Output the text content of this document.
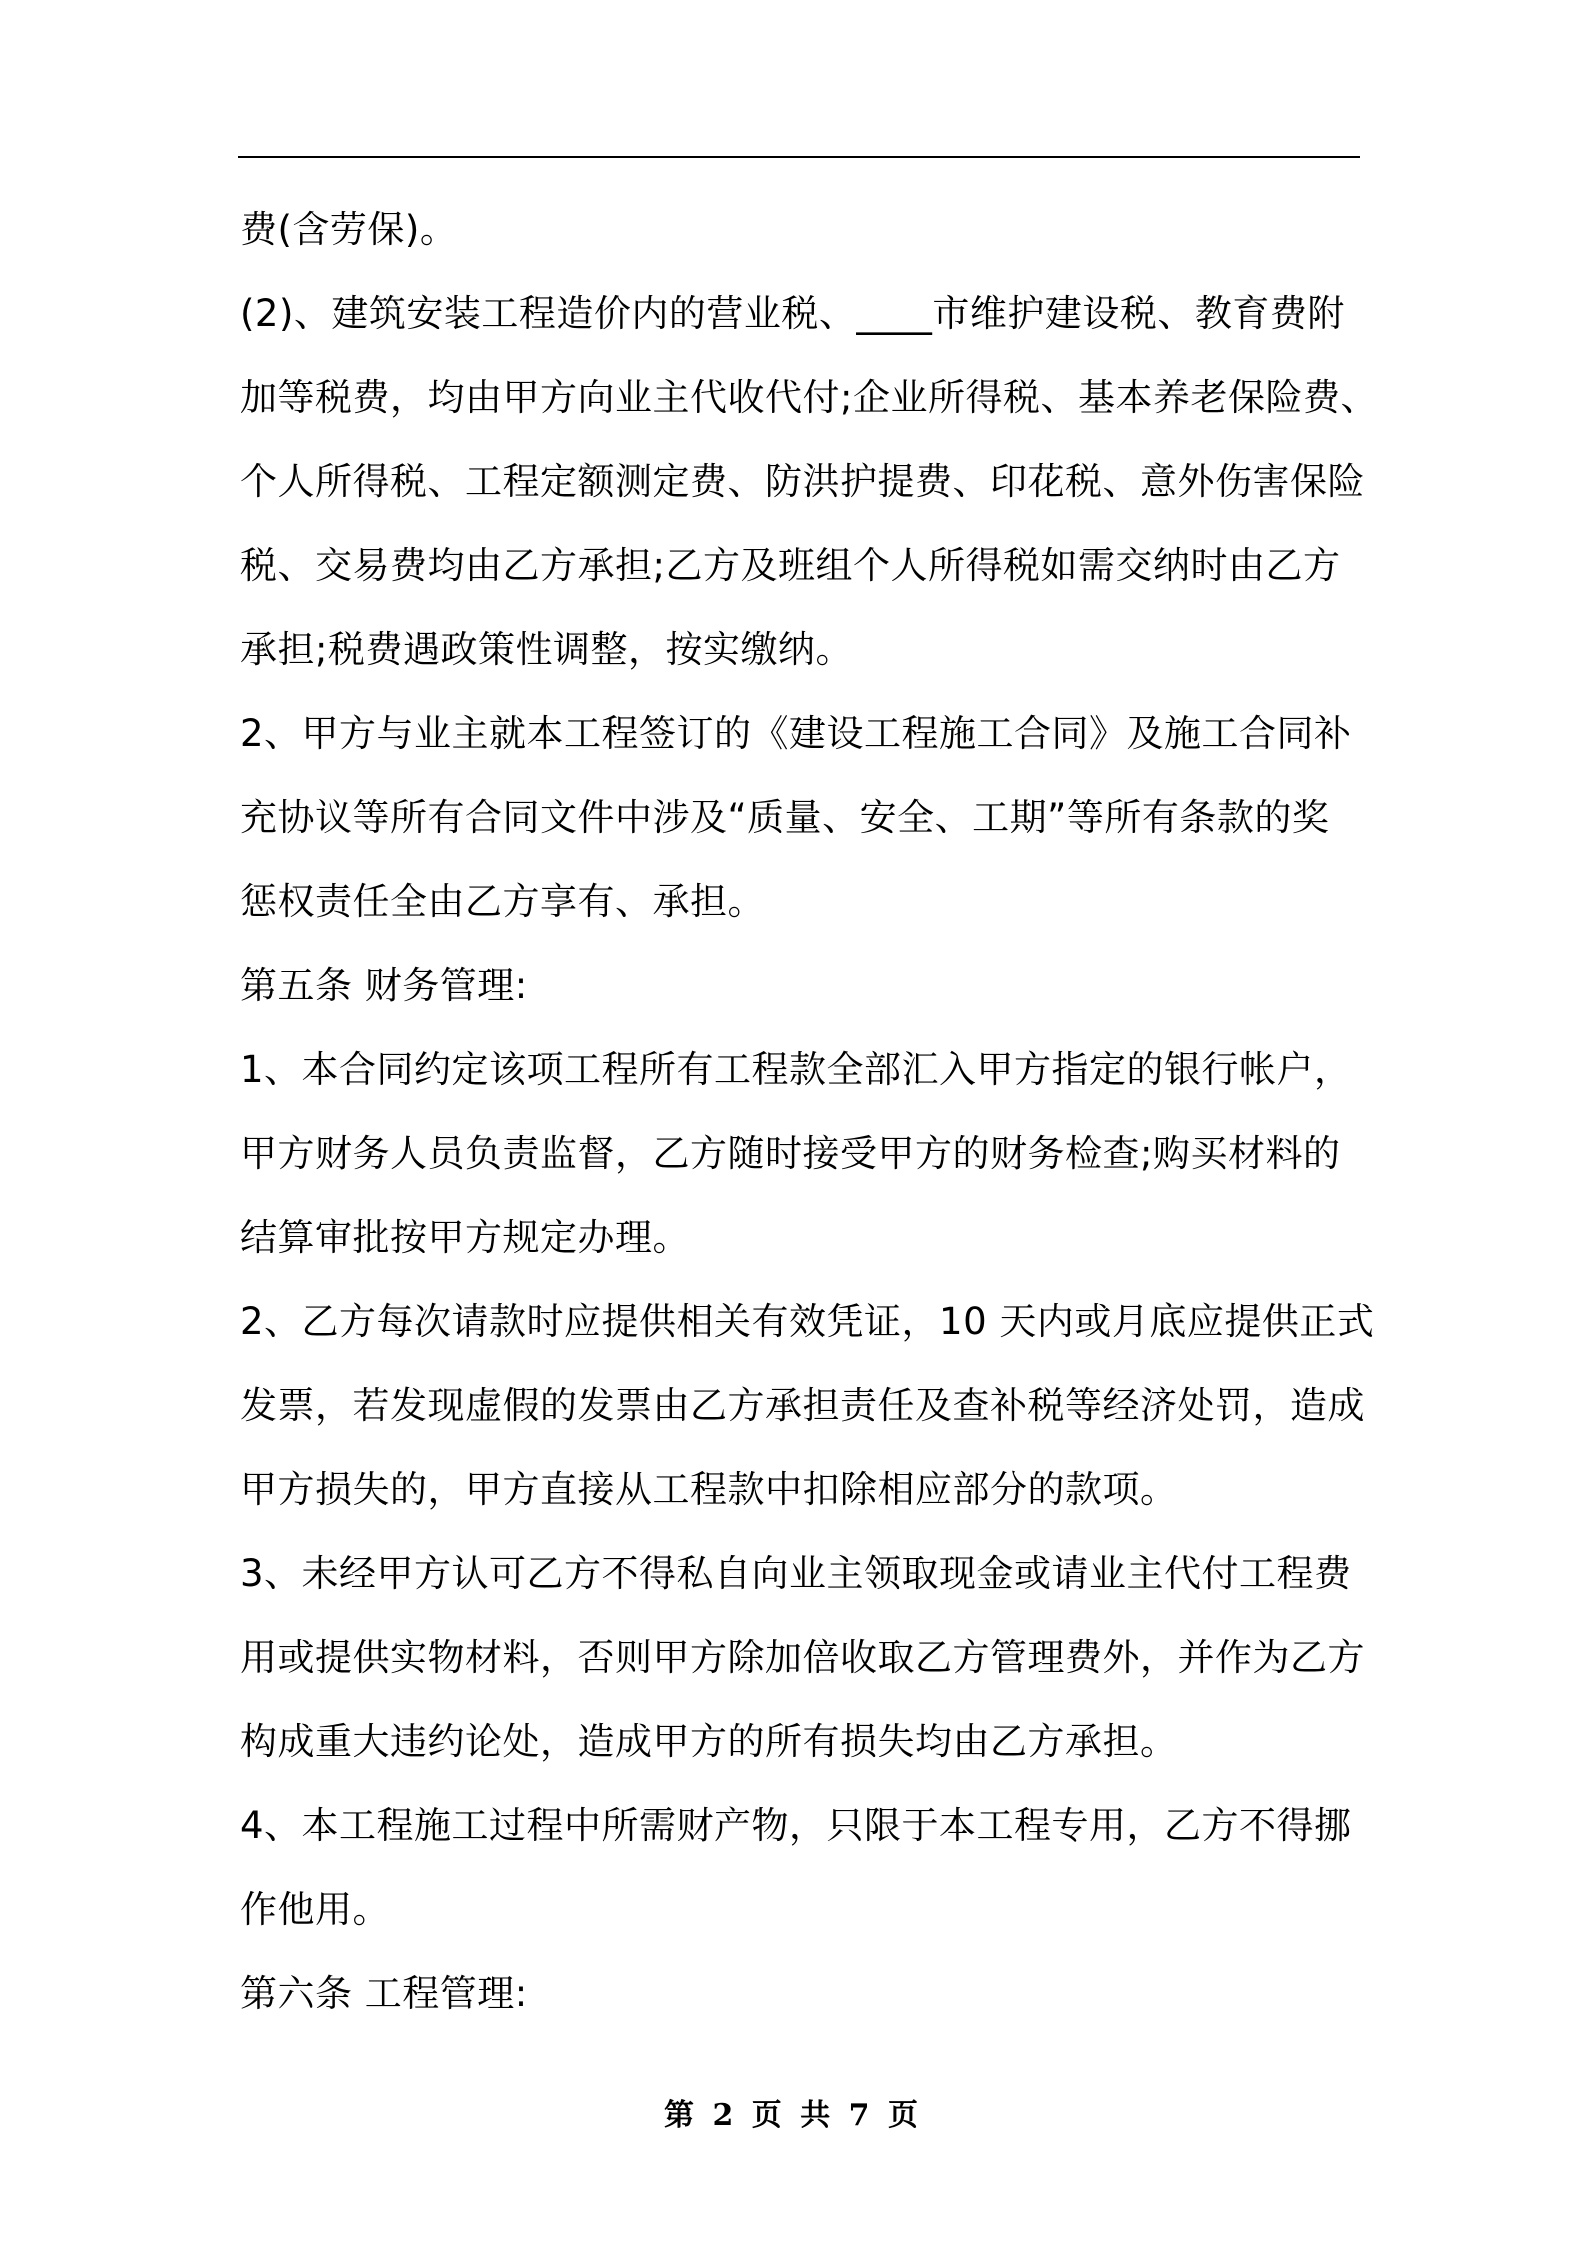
费(含劳保)。
(2)、建筑安装工程造价内的营业税、____市维护建设税、教育费附
加等税费，均由甲方向业主代收代付;企业所得税、基本养老保险费、
个人所得税、工程定额测定费、防洪护提费、印花税、意外伤害保险
税、交易费均由乙方承担;乙方及班组个人所得税如需交纳时由乙方
承担;税费遇政策性调整，按实缴纳。
2、甲方与业主就本工程签订的《建设工程施工合同》及施工合同补
充协议等所有合同文件中涉及“质量、安全、工期”等所有条款的奖
惩权责任全由乙方享有、承担。
第五条 财务管理:
1、本合同约定该项工程所有工程款全部汇入甲方指定的银行帐户，
甲方财务人员负责监督，乙方随时接受甲方的财务检查;购买材料的
结算审批按甲方规定办理。
2、乙方每次请款时应提供相关有效凭证，10 天内或月底应提供正式
发票，若发现虚假的发票由乙方承担责任及查补税等经济处罚，造成
甲方损失的，甲方直接从工程款中扣除相应部分的款项。
3、未经甲方认可乙方不得私自向业主领取现金或请业主代付工程费
用或提供实物材料，否则甲方除加倍收取乙方管理费外，并作为乙方
构成重大违约论处，造成甲方的所有损失均由乙方承担。
4、本工程施工过程中所需财产物，只限于本工程专用，乙方不得挪
作他用。
第六条 工程管理:
第 2 页 共 7 页
